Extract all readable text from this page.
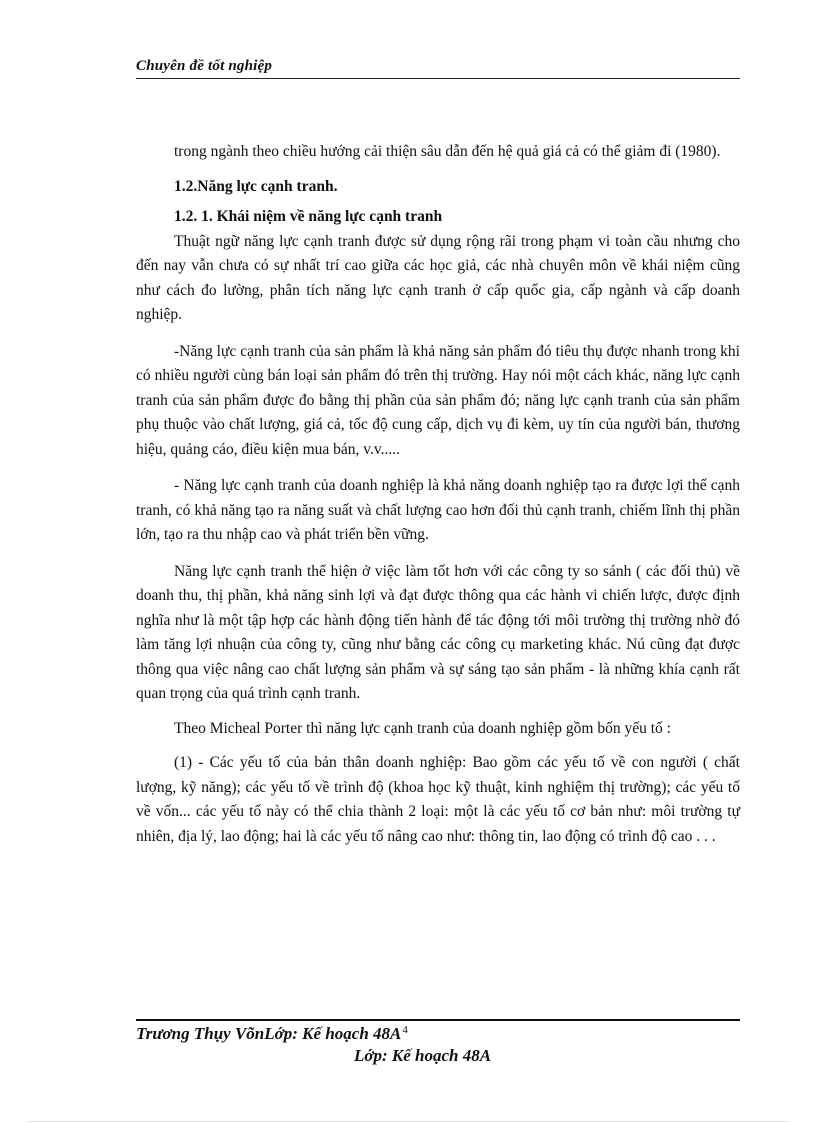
Chuyên đề tốt nghiệp

trong ngành theo chiều hướng cải thiện sâu dẫn đến hệ quả giá cả có thể giảm đi (1980).

1.2.Năng lực cạnh tranh.

1.2. 1. Khái niệm về năng lực cạnh tranh

Thuật ngữ năng lực cạnh tranh được sử dụng rộng rãi trong phạm vi toàn cầu nhưng cho đến nay vẫn chưa có sự nhất trí cao giữa các học giả, các nhà chuyên môn về khái niệm cũng như cách đo lường, phân tích năng lực cạnh tranh ở cấp quốc gia, cấp ngành và cấp doanh nghiệp.

-Năng lực cạnh tranh của sản phẩm là khả năng sản phẩm đó tiêu thụ được nhanh trong khi có nhiều người cùng bán loại sản phẩm đó trên thị trường. Hay nói một cách khác, năng lực cạnh tranh của sản phẩm được đo bằng thị phần của sản phẩm đó; năng lực cạnh tranh của sản phẩm phụ thuộc vào chất lượng, giá cả, tốc độ cung cấp, dịch vụ đi kèm, uy tín của người bán, thương hiệu, quảng cáo, điều kiện mua bán, v.v.....

- Năng lực cạnh tranh của doanh nghiệp là khả năng doanh nghiệp tạo ra được lợi thế cạnh tranh, có khả năng tạo ra năng suất và chất lượng cao hơn đối thủ cạnh tranh, chiếm lĩnh thị phần lớn, tạo ra thu nhập cao và phát triển bền vững.

Năng lực cạnh tranh thể hiện ở việc làm tốt hơn với các công ty so sánh ( các đối thủ) về doanh thu, thị phần, khả năng sinh lợi và đạt được thông qua các hành vi chiến lược, được định nghĩa như là một tập hợp các hành động tiến hành để tác động tới môi trường thị trường nhờ đó làm tăng lợi nhuận của công ty, cũng như bằng các công cụ marketing khác. Nú cũng đạt được thông qua việc nâng cao chất lượng sản phẩm và sự sáng tạo sản phẩm - là những khía cạnh rất quan trọng của quá trình cạnh tranh.

Theo Micheal Porter thì năng lực cạnh tranh của doanh nghiệp gồm bốn yếu tố :

(1) - Các yếu tố của bản thân doanh nghiệp: Bao gồm các yếu tố về con người ( chất lượng, kỹ năng); các yếu tố về trình độ (khoa học kỹ thuật, kinh nghiệm thị trường); các yếu tố về vốn... các yếu tố này có thể chia thành 2 loại: một là các yếu tố cơ bản như: môi trường tự nhiên, địa lý, lao động; hai là các yếu tố nâng cao như: thông tin, lao động có trình độ cao . . .

Trương Thụy VõnLớp: Kế hoạch $48A^4$
Lớp: Kế hoạch 48A
